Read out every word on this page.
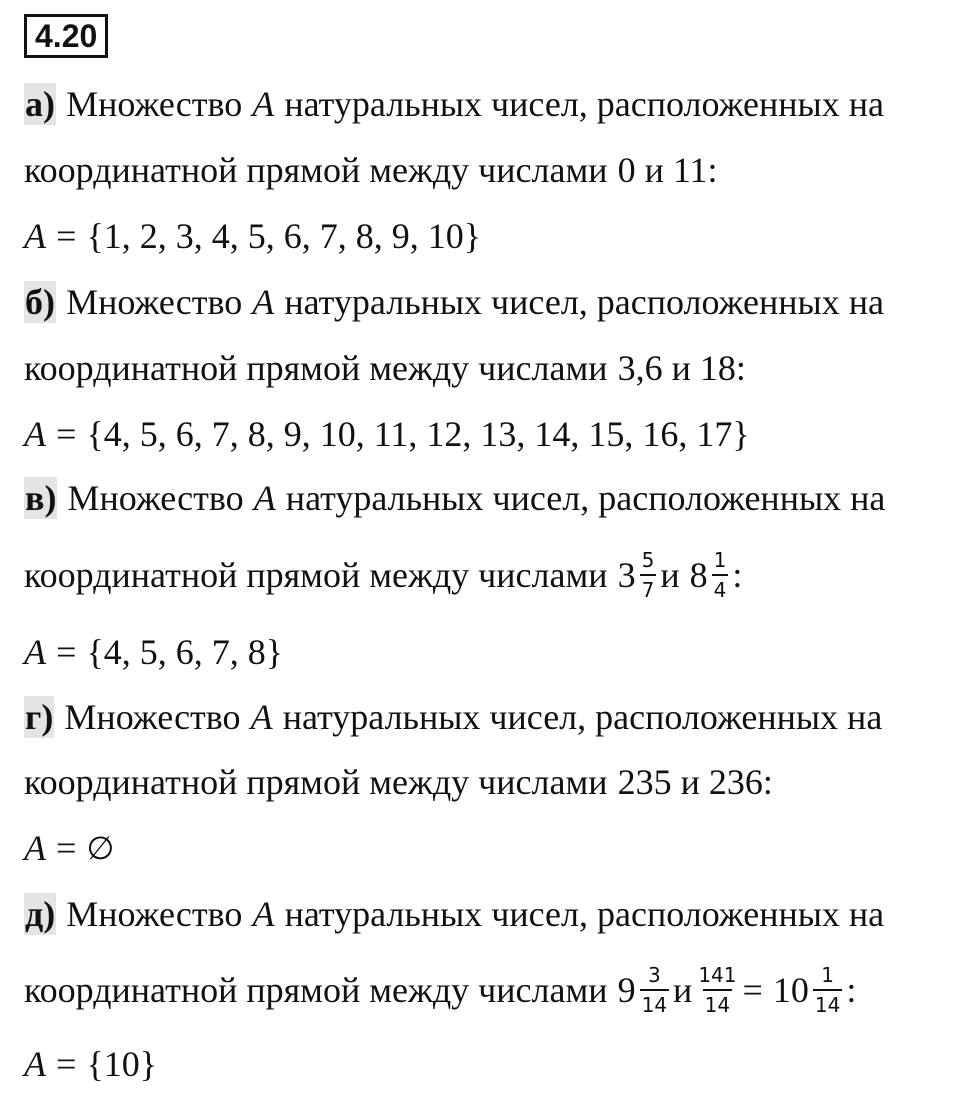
4.20
а) Множество A натуральных чисел, расположенных на
координатной прямой между числами 0 и 11:
A = {1, 2, 3, 4, 5, 6, 7, 8, 9, 10}
б) Множество A натуральных чисел, расположенных на
координатной прямой между числами 3,6 и 18:
A = {4, 5, 6, 7, 8, 9, 10, 11, 12, 13, 14, 15, 16, 17}
в) Множество A натуральных чисел, расположенных на
координатной прямой между числами $3 \frac{5}{7}$ и $8 \frac{1}{4}$ :
A = {4, 5, 6, 7, 8}
г) Множество A натуральных чисел, расположенных на
координатной прямой между числами 235 и 236:
A = ∅
д) Множество A натуральных чисел, расположенных на
координатной прямой между числами $9 \frac{3}{14}$ и $\frac{141}{14} = 10 \frac{1}{14}$ :
A = {10}
